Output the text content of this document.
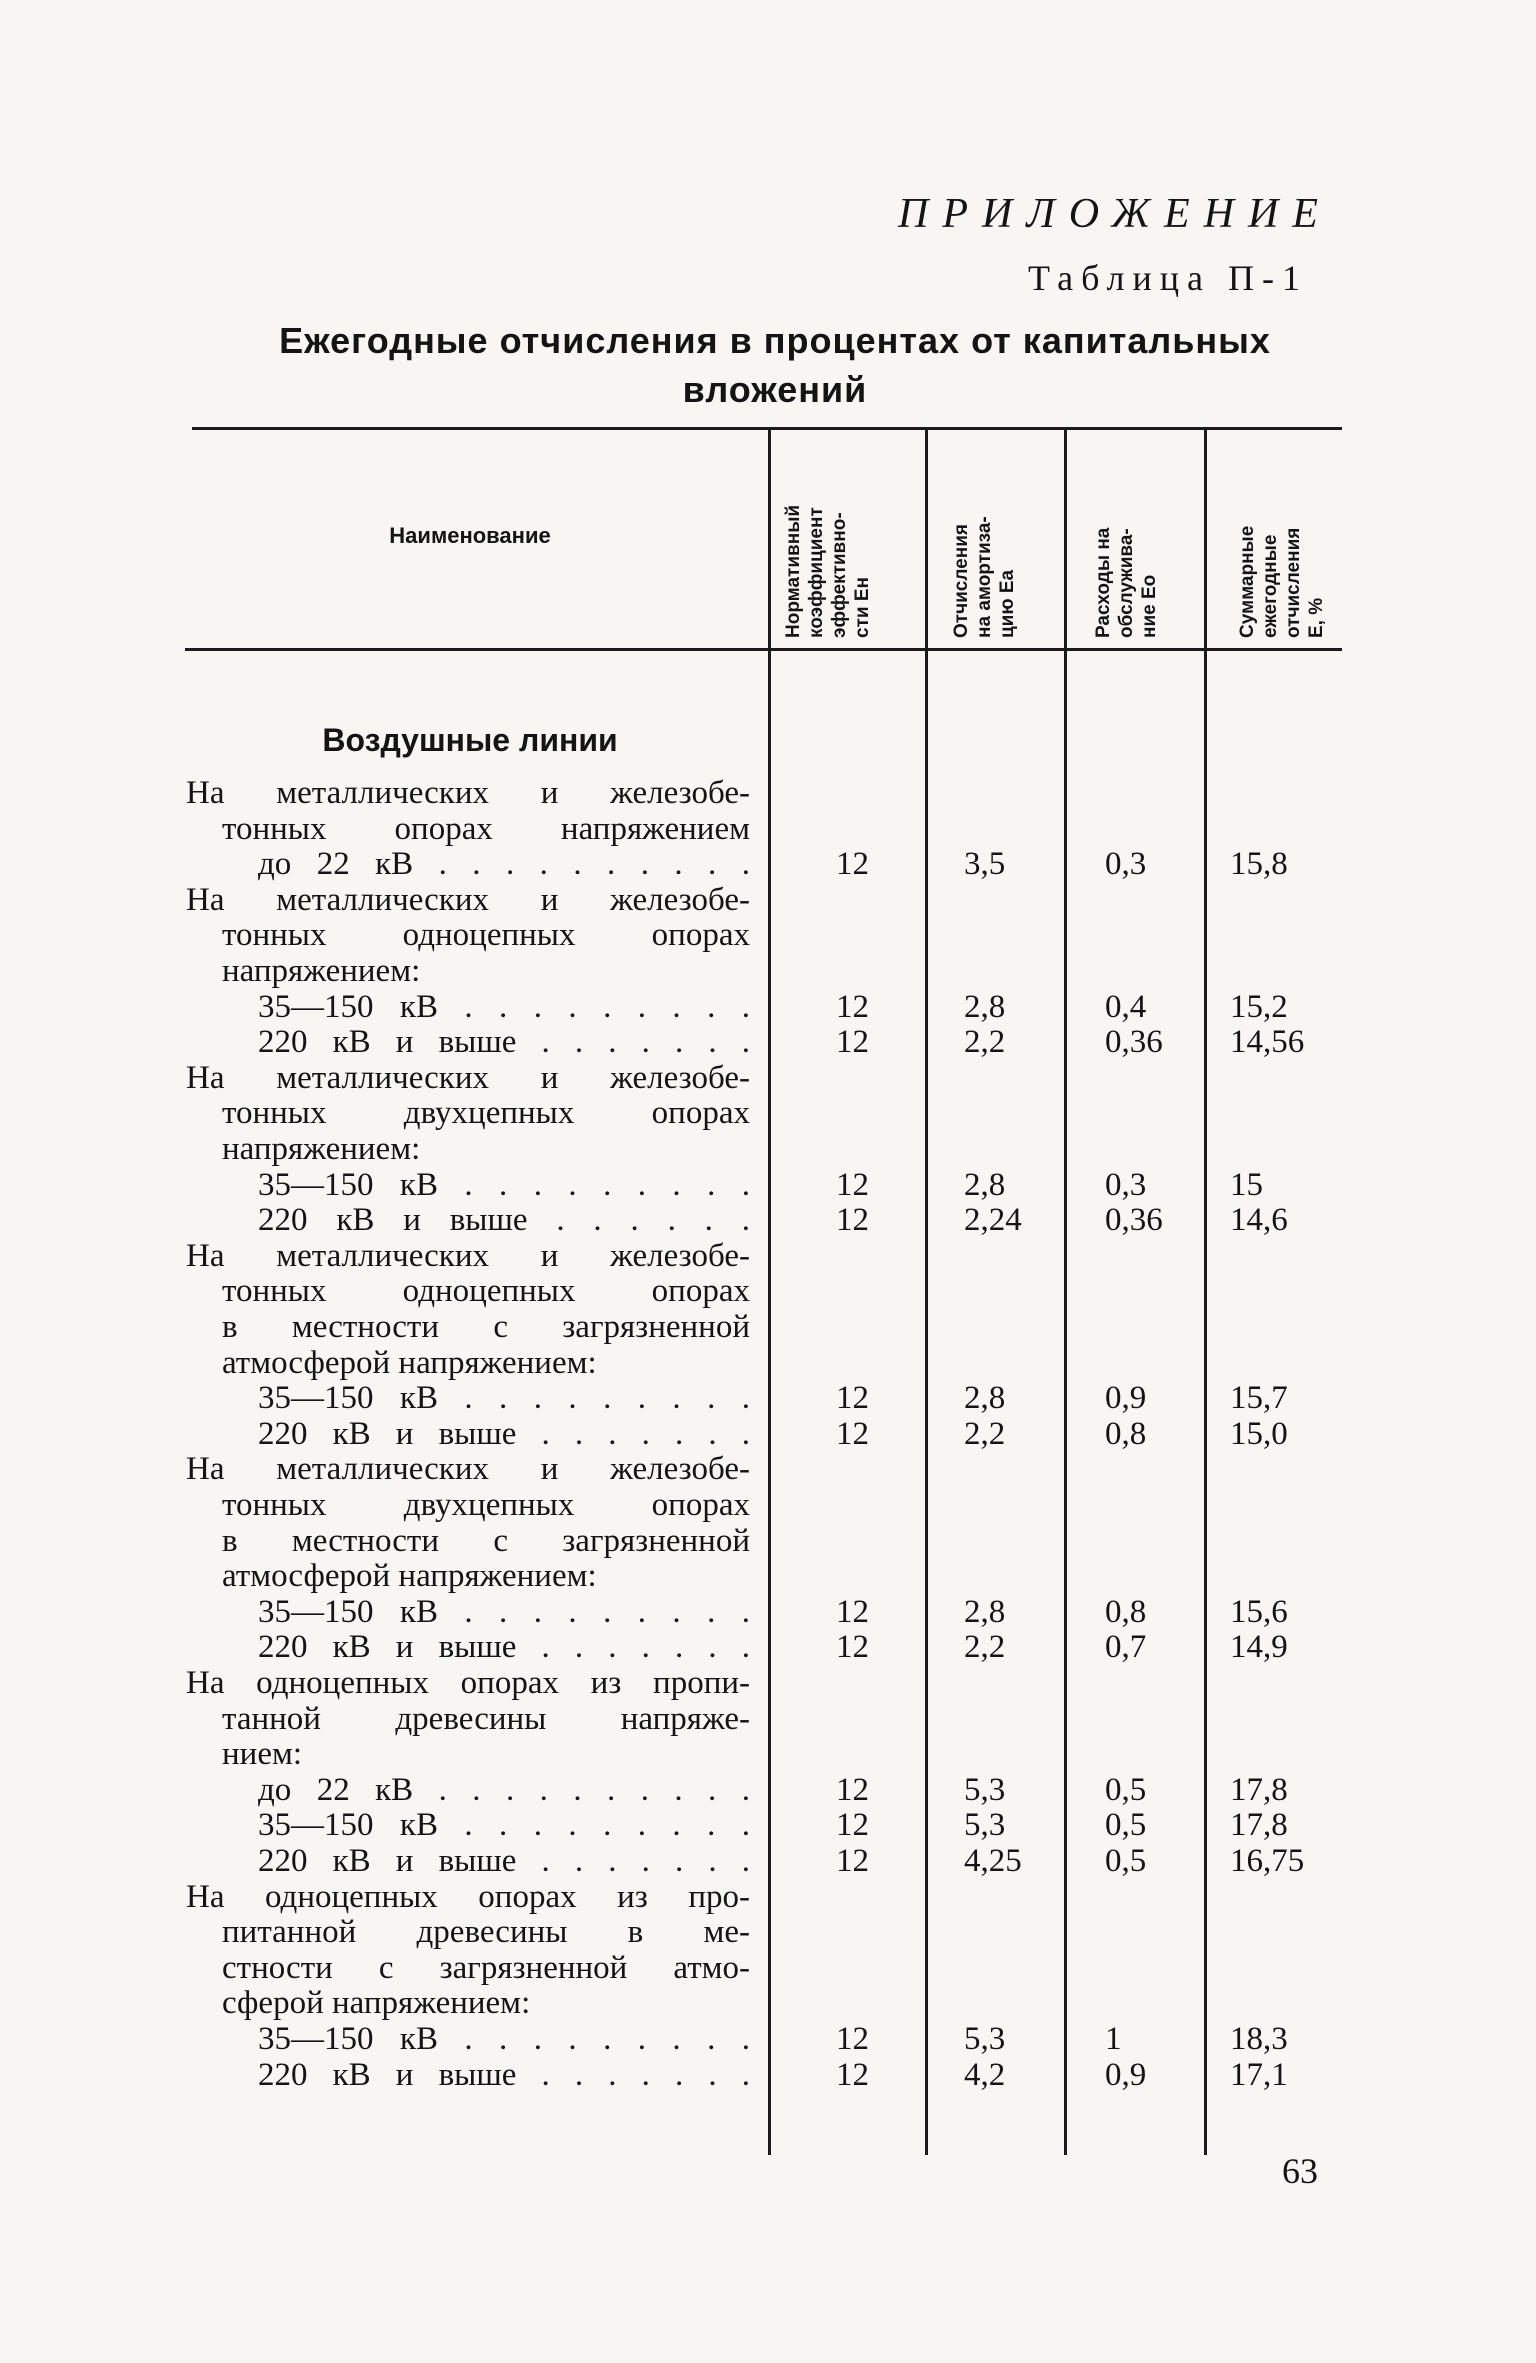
ПРИЛОЖЕНИЕ
Таблица П-1
Ежегодные отчисления в процентах от капитальных
вложений
Наименование	Нормативный коэффициент эффективно- сти Eн	Отчисления на амортиза- цию Eа	Расходы на обслужива- ние Eо	Суммарные ежегодные отчисления E, %
Воздушные линии
На металлических и железобе-
тонных опорах напряжением
до 22 кВ . . . . . . . . . .	12	3,5	0,3	15,8
На металлических и железобе-
тонных одноцепных опорах
напряжением:
35—150 кВ . . . . . . . . .	12	2,8	0,4	15,2
220 кВ и выше . . . . . . .	12	2,2	0,36 14,56
На металлических и железобе-
тонных двухцепных опорах
напряжением:
35—150 кВ . . . . . . . . .	12	2,8	0,3	15
220 кВ и выше . . . . . .	12	2,24	0,36 14,6
На металлических и железобе-
тонных одноцепных опорах
в местности с загрязненной
атмосферой напряжением:
35—150 кВ . . . . . . . . .	12	2,8	0,9	15,7
220 кВ и выше . . . . . . .	12	2,2	0,8	15,0
На металлических и железобе-
тонных двухцепных опорах
в местности с загрязненной
атмосферой напряжением:
35—150 кВ . . . . . . . . .	12	2,8	0,8	15,6
220 кВ и выше . . . . . . .	12	2,2	0,7	14,9
На одноцепных опорах из пропи-
танной древесины напряже-
нием:
до 22 кВ . . . . . . . . . .	12	5,3	0,5	17,8
35—150 кВ . . . . . . . . .	12	5,3	0,5	17,8
220 кВ и выше . . . . . . .	12	4,25	0,5	16,75
На одноцепных опорах из про-
питанной древесины в ме-
стности с загрязненной атмо-
сферой напряжением:
35—150 кВ . . . . . . . . .	12	5,3	1	18,3
220 кВ и выше . . . . . . .	12	4,2	0,9	17,1
63
